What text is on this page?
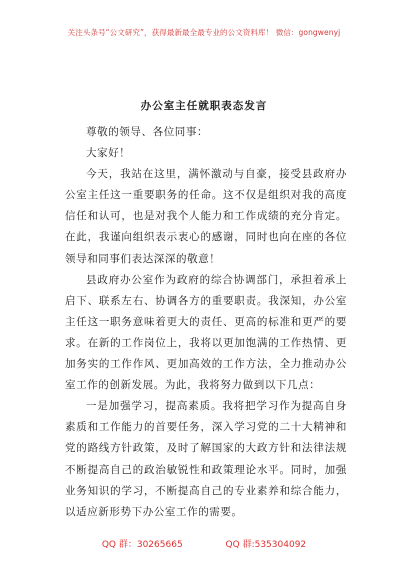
关注头条号“公文研究”，获得最新最全最专业的公文资料库！ 微信：gongwenyj
办公室主任就职表态发言

尊敬的领导、各位同事：

大家好！

今天，我站在这里，满怀激动与自豪，接受县政府办公室主任这一重要职务的任命。这不仅是组织对我的高度信任和认可，也是对我个人能力和工作成绩的充分肯定。在此，我谨向组织表示衷心的感谢，同时也向在座的各位领导和同事们表达深深的敬意！

县政府办公室作为政府的综合协调部门，承担着承上启下、联系左右、协调各方的重要职责。我深知，办公室主任这一职务意味着更大的责任、更高的标准和更严的要求。在新的工作岗位上，我将以更加饱满的工作热情、更加务实的工作作风、更加高效的工作方法，全力推动办公室工作的创新发展。为此，我将努力做到以下几点：

一是加强学习，提高素质。我将把学习作为提高自身素质和工作能力的首要任务，深入学习党的二十大精神和党的路线方针政策，及时了解国家的大政方针和法律法规不断提高自己的政治敏锐性和政策理论水平。同时，加强业务知识的学习，不断提高自己的专业素养和综合能力，以适应新形势下办公室工作的需要。

QQ 群：30265665	QQ 群:535304092
